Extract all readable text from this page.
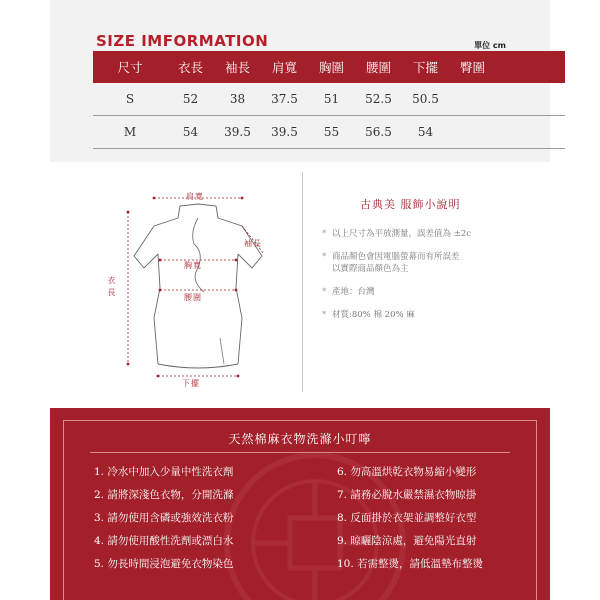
SIZE IMFORMATION	單位 cm
尺寸	衣長	袖長	肩寬	胸圍	腰圍	下擺	臀圍
S	52	38	37.5	51	52.5	50.5
M	54	39.5	39.5	55	56.5	54
肩寬
袖長
胸寬
衣長	腰圍
下擺
古典美 服飾小說明
* 以上尺寸為平放測量，誤差值為 ±2c
* 商品顏色會因電腦螢幕而有所誤差
以實際商品顏色為主
* 產地：台灣
* 材質:80% 棉 20% 麻
天然棉麻衣物洗滌小叮嚀
1. 冷水中加入少量中性洗衣劑
2. 請將深淺色衣物，分開洗滌
3. 請勿使用含磷或強效洗衣粉
4. 請勿使用酸性洗劑或漂白水
5. 勿長時間浸泡避免衣物染色
6. 勿高溫烘乾衣物易縮小變形
7. 請務必脫水嚴禁濕衣物晾掛
8. 反面掛於衣架並調整好衣型
9. 晾曬陰涼處，避免陽光直射
10. 若需整燙，請低溫墊布整燙
